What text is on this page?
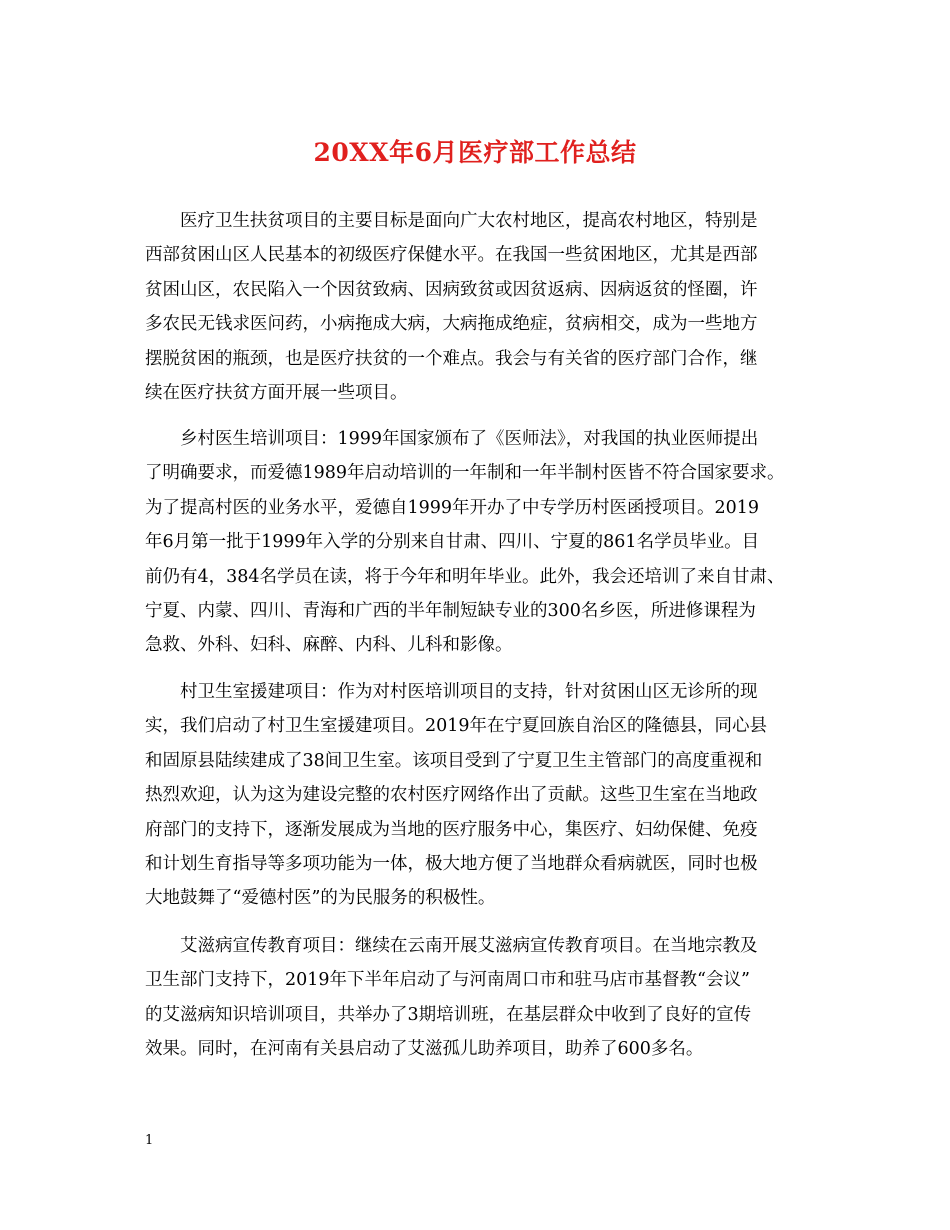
20XX年6月医疗部工作总结
医疗卫生扶贫项目的主要目标是面向广大农村地区，提高农村地区，特别是
西部贫困山区人民基本的初级医疗保健水平。在我国一些贫困地区，尤其是西部
贫困山区，农民陷入一个因贫致病、因病致贫或因贫返病、因病返贫的怪圈，许
多农民无钱求医问药，小病拖成大病，大病拖成绝症，贫病相交，成为一些地方
摆脱贫困的瓶颈，也是医疗扶贫的一个难点。我会与有关省的医疗部门合作，继
续在医疗扶贫方面开展一些项目。
乡村医生培训项目：1999年国家颁布了《医师法》，对我国的执业医师提出
了明确要求，而爱德1989年启动培训的一年制和一年半制村医皆不符合国家要求。
为了提高村医的业务水平，爱德自1999年开办了中专学历村医函授项目。2019
年6月第一批于1999年入学的分别来自甘肃、四川、宁夏的861名学员毕业。目
前仍有4，384名学员在读，将于今年和明年毕业。此外，我会还培训了来自甘肃、
宁夏、内蒙、四川、青海和广西的半年制短缺专业的300名乡医，所进修课程为
急救、外科、妇科、麻醉、内科、儿科和影像。
村卫生室援建项目：作为对村医培训项目的支持，针对贫困山区无诊所的现
实，我们启动了村卫生室援建项目。2019年在宁夏回族自治区的隆德县，同心县
和固原县陆续建成了38间卫生室。该项目受到了宁夏卫生主管部门的高度重视和
热烈欢迎，认为这为建设完整的农村医疗网络作出了贡献。这些卫生室在当地政
府部门的支持下，逐渐发展成为当地的医疗服务中心，集医疗、妇幼保健、免疫
和计划生育指导等多项功能为一体，极大地方便了当地群众看病就医，同时也极
大地鼓舞了“爱德村医”的为民服务的积极性。
艾滋病宣传教育项目：继续在云南开展艾滋病宣传教育项目。在当地宗教及
卫生部门支持下，2019年下半年启动了与河南周口市和驻马店市基督教“会议”
的艾滋病知识培训项目，共举办了3期培训班，在基层群众中收到了良好的宣传
效果。同时，在河南有关县启动了艾滋孤儿助养项目，助养了600多名。
1
